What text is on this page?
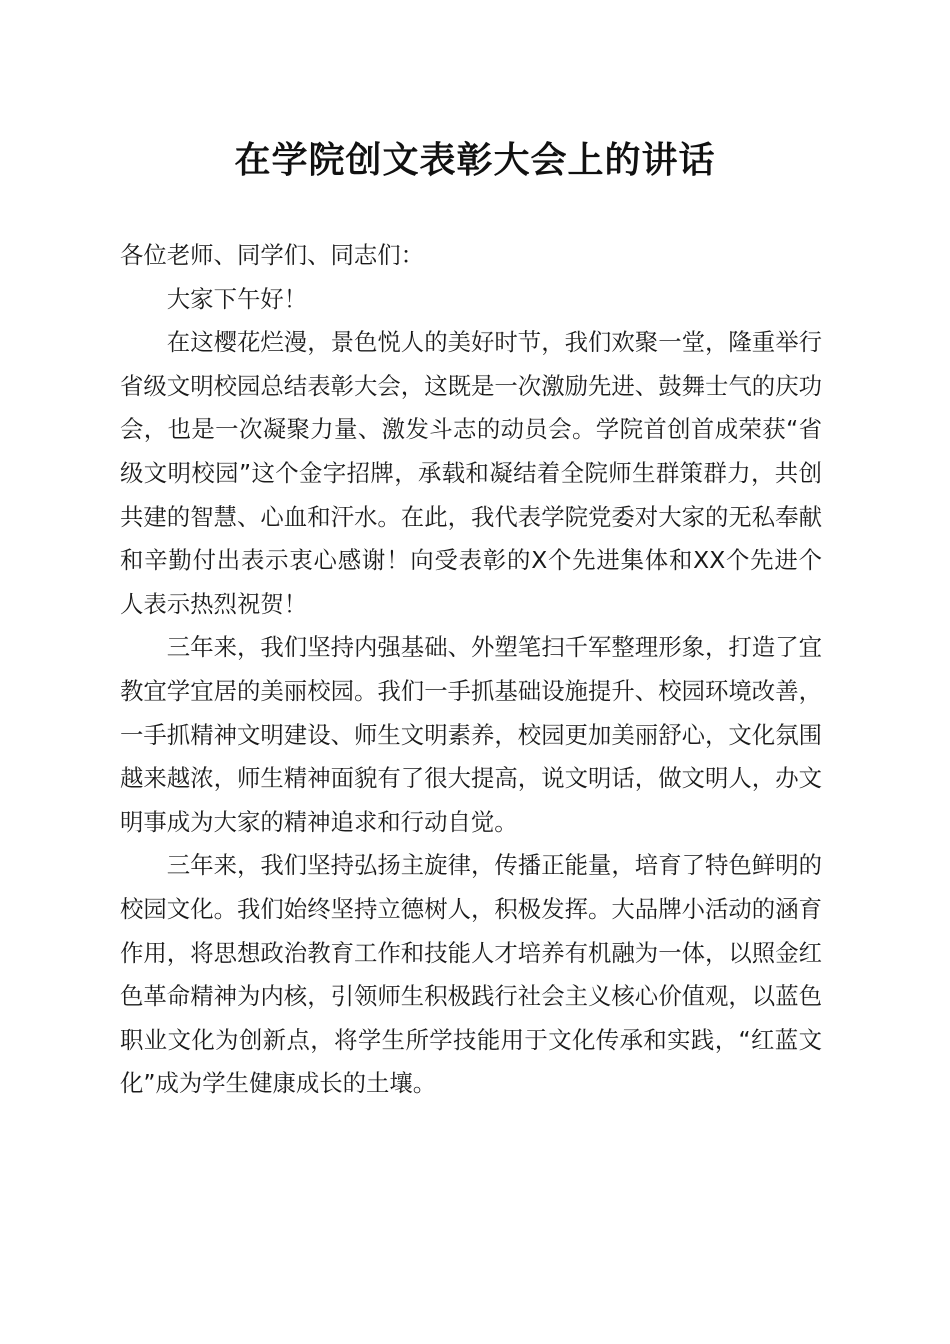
在学院创文表彰大会上的讲话

各位老师、同学们、同志们：

大家下午好！

在这樱花烂漫，景色悦人的美好时节，我们欢聚一堂，隆重举行省级文明校园总结表彰大会，这既是一次激励先进、鼓舞士气的庆功会，也是一次凝聚力量、激发斗志的动员会。学院首创首成荣获“省级文明校园”这个金字招牌，承载和凝结着全院师生群策群力，共创共建的智慧、心血和汗水。在此，我代表学院党委对大家的无私奉献和辛勤付出表示衷心感谢！向受表彰的X个先进集体和XX个先进个人表示热烈祝贺！

三年来，我们坚持内强基础、外塑笔扫千军整理形象，打造了宜教宜学宜居的美丽校园。我们一手抓基础设施提升、校园环境改善，一手抓精神文明建设、师生文明素养，校园更加美丽舒心，文化氛围越来越浓，师生精神面貌有了很大提高，说文明话，做文明人，办文明事成为大家的精神追求和行动自觉。

三年来，我们坚持弘扬主旋律，传播正能量，培育了特色鲜明的校园文化。我们始终坚持立德树人，积极发挥。大品牌小活动的涵育作用，将思想政治教育工作和技能人才培养有机融为一体，以照金红色革命精神为内核，引领师生积极践行社会主义核心价值观，以蓝色职业文化为创新点，将学生所学技能用于文化传承和实践，“红蓝文化”成为学生健康成长的土壤。
